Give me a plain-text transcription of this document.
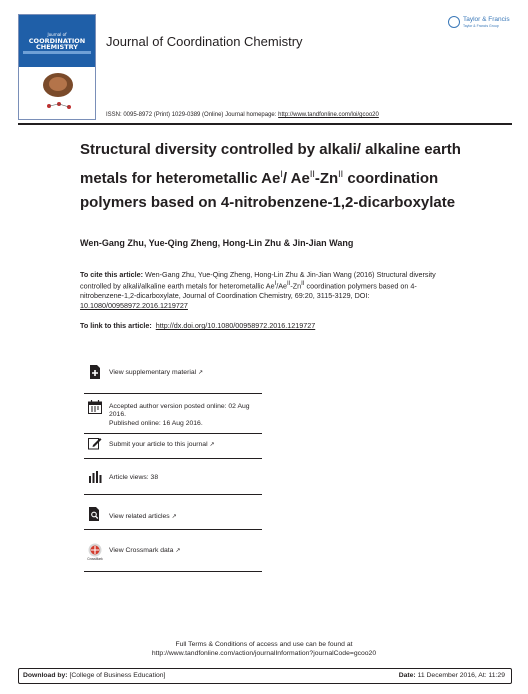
Journal of
COORDINATION
CHEMISTRY	Journal of Coordination Chemistry
Taylor & Francis
Taylor & Francis Group
ISSN: 0095-8972 (Print) 1029-0389 (Online) Journal homepage: http://www.tandfonline.com/loi/gcoo20
Structural diversity controlled by alkali/ alkaline earth metals for heterometallic $Ae^I/$ $Ae^{II}-Zn^{II}$ coordination polymers based on 4-nitrobenzene-1,2-dicarboxylate
Wen-Gang Zhu, Yue-Qing Zheng, Hong-Lin Zhu & Jin-Jian Wang
To cite this article: Wen-Gang Zhu, Yue-Qing Zheng, Hong-Lin Zhu & Jin-Jian Wang (2016) Structural diversity controlled by alkali/alkaline earth metals for heterometallic $Ae^I/Ae^{II}-Zn^{II}$ coordination polymers based on 4-nitrobenzene-1,2-dicarboxylate, Journal of Coordination Chemistry, 69:20, 3115-3129, DOI: 10.1080/00958972.2016.1219727
To link to this article: http://dx.doi.org/10.1080/00958972.2016.1219727
View supplementary material ↗
Accepted author version posted online: 02 Aug 2016.
Published online: 16 Aug 2016.
Submit your article to this journal ↗
Article views: 38
View related articles ↗
CrossMark
View Crossmark data ↗
Full Terms & Conditions of access and use can be found at
http://www.tandfonline.com/action/journalInformation?journalCode=gcoo20
Download by: [College of Business Education]	Date: 11 December 2016, At: 11:29
